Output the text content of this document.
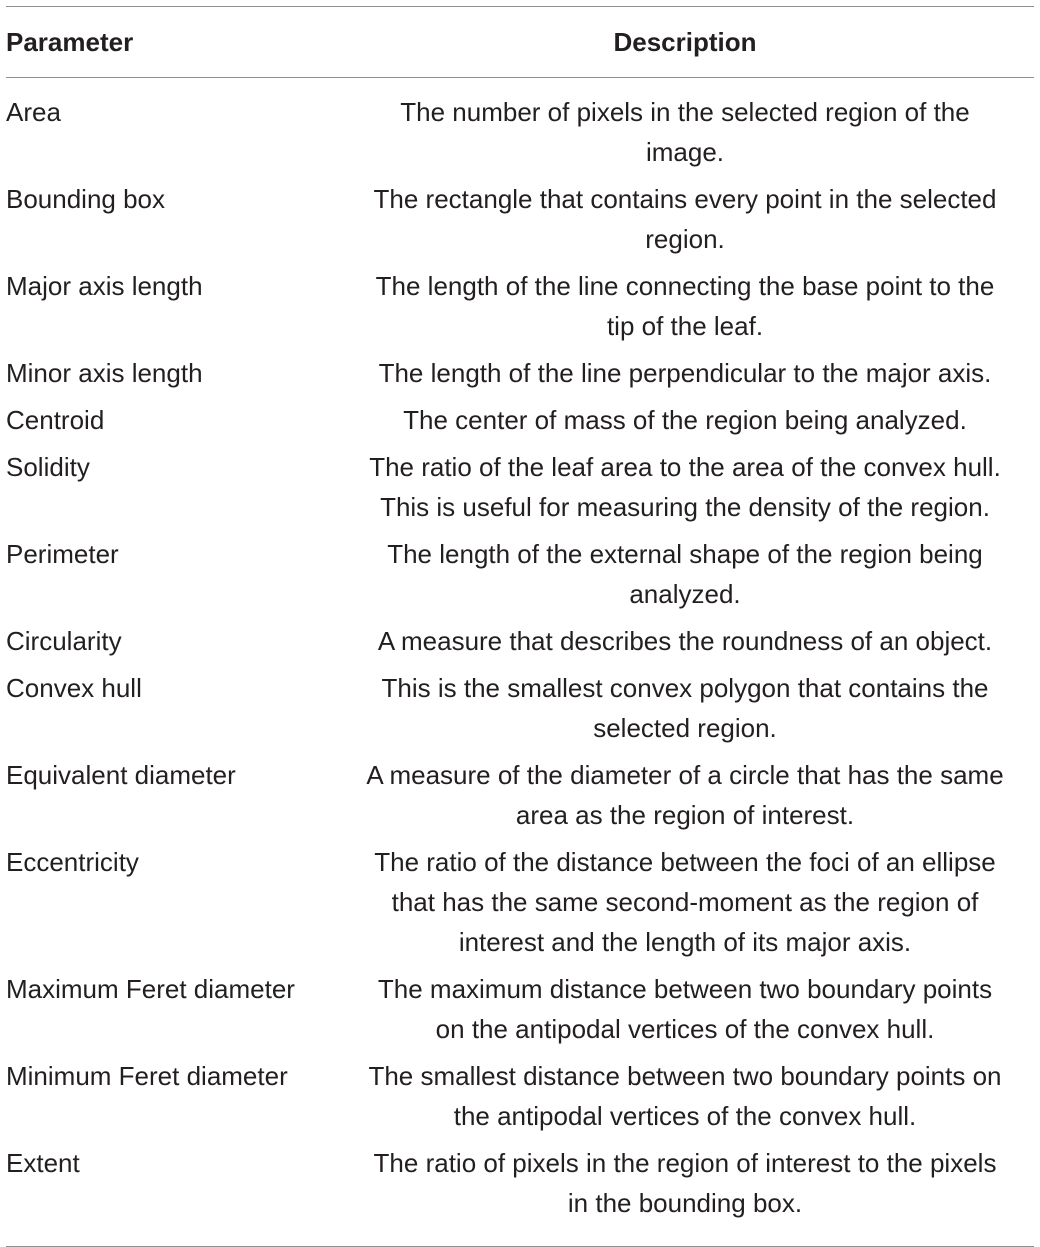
Parameter	Description
Area	The number of pixels in the selected region of the
image.
Bounding box	The rectangle that contains every point in the selected
region.
Major axis length	The length of the line connecting the base point to the
tip of the leaf.
Minor axis length	The length of the line perpendicular to the major axis.
Centroid	The center of mass of the region being analyzed.
Solidity	The ratio of the leaf area to the area of the convex hull.
This is useful for measuring the density of the region.
Perimeter	The length of the external shape of the region being
analyzed.
Circularity	A measure that describes the roundness of an object.
Convex hull	This is the smallest convex polygon that contains the
selected region.
Equivalent diameter	A measure of the diameter of a circle that has the same
area as the region of interest.
Eccentricity	The ratio of the distance between the foci of an ellipse
that has the same second-moment as the region of
interest and the length of its major axis.
Maximum Feret diameter	The maximum distance between two boundary points
on the antipodal vertices of the convex hull.
Minimum Feret diameter	The smallest distance between two boundary points on
the antipodal vertices of the convex hull.
Extent	The ratio of pixels in the region of interest to the pixels
in the bounding box.
